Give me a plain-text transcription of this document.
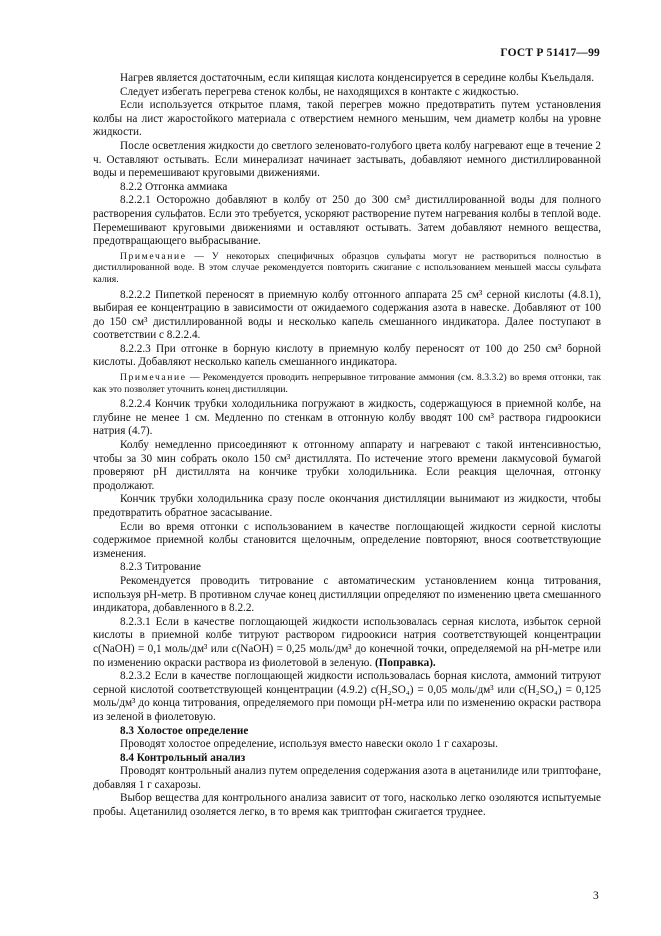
ГОСТ Р 51417—99

Нагрев является достаточным, если кипящая кислота конденсируется в середине колбы Къельдаля.

Следует избегать перегрева стенок колбы, не находящихся в контакте с жидкостью.

Если используется открытое пламя, такой перегрев можно предотвратить путем установления колбы на лист жаростойкого материала с отверстием немного меньшим, чем диаметр колбы на уровне жидкости.

После осветления жидкости до светлого зеленовато-голубого цвета колбу нагревают еще в течение 2 ч. Оставляют остывать. Если минерализат начинает застывать, добавляют немного дистиллированной воды и перемешивают круговыми движениями.

8.2.2 Отгонка аммиака

8.2.2.1 Осторожно добавляют в колбу от 250 до 300 см³ дистиллированной воды для полного растворения сульфатов. Если это требуется, ускоряют растворение путем нагревания колбы в теплой воде. Перемешивают круговыми движениями и оставляют остывать. Затем добавляют немного вещества, предотвращающего выбрасывание.

Примечание — У некоторых специфичных образцов сульфаты могут не раствориться полностью в дистиллированной воде. В этом случае рекомендуется повторить сжигание с использованием меньшей массы сульфата калия.

8.2.2.2 Пипеткой переносят в приемную колбу отгонного аппарата 25 см³ серной кислоты (4.8.1), выбирая ее концентрацию в зависимости от ожидаемого содержания азота в навеске. Добавляют от 100 до 150 см³ дистиллированной воды и несколько капель смешанного индикатора. Далее поступают в соответствии с 8.2.2.4.

8.2.2.3 При отгонке в борную кислоту в приемную колбу переносят от 100 до 250 см³ борной кислоты. Добавляют несколько капель смешанного индикатора.

Примечание — Рекомендуется проводить непрерывное титрование аммония (см. 8.3.3.2) во время отгонки, так как это позволяет уточнить конец дистилляции.

8.2.2.4 Кончик трубки холодильника погружают в жидкость, содержащуюся в приемной колбе, на глубине не менее 1 см. Медленно по стенкам в отгонную колбу вводят 100 см³ раствора гидроокиси натрия (4.7).

Колбу немедленно присоединяют к отгонному аппарату и нагревают с такой интенсивностью, чтобы за 30 мин собрать около 150 см³ дистиллята. По истечение этого времени лакмусовой бумагой проверяют pH дистиллята на кончике трубки холодильника. Если реакция щелочная, отгонку продолжают.

Кончик трубки холодильника сразу после окончания дистилляции вынимают из жидкости, чтобы предотвратить обратное засасывание.

Если во время отгонки с использованием в качестве поглощающей жидкости серной кислоты содержимое приемной колбы становится щелочным, определение повторяют, внося соответствующие изменения.

8.2.3 Титрование

Рекомендуется проводить титрование с автоматическим установлением конца титрования, используя pH-метр. В противном случае конец дистилляции определяют по изменению цвета смешанного индикатора, добавленного в 8.2.2.

8.2.3.1 Если в качестве поглощающей жидкости использовалась серная кислота, избыток серной кислоты в приемной колбе титруют раствором гидроокиси натрия соответствующей концентрации c(NaOH) = 0,1 моль/дм³ или c(NaOH) = 0,25 моль/дм³ до конечной точки, определяемой на pH-метре или по изменению окраски раствора из фиолетовой в зеленую. (Поправка).

8.2.3.2 Если в качестве поглощающей жидкости использовалась борная кислота, аммоний титруют серной кислотой соответствующей концентрации (4.9.2) c(H₂SO₄) = 0,05 моль/дм³ или c(H₂SO₄) = 0,125 моль/дм³ до конца титрования, определяемого при помощи pH-метра или по изменению окраски раствора из зеленой в фиолетовую.

8.3 Холостое определение

Проводят холостое определение, используя вместо навески около 1 г сахарозы.

8.4 Контрольный анализ

Проводят контрольный анализ путем определения содержания азота в ацетанилиде или триптофане, добавляя 1 г сахарозы.

Выбор вещества для контрольного анализа зависит от того, насколько легко озоляются испытуемые пробы. Ацетанилид озоляется легко, в то время как триптофан сжигается труднее.

3
